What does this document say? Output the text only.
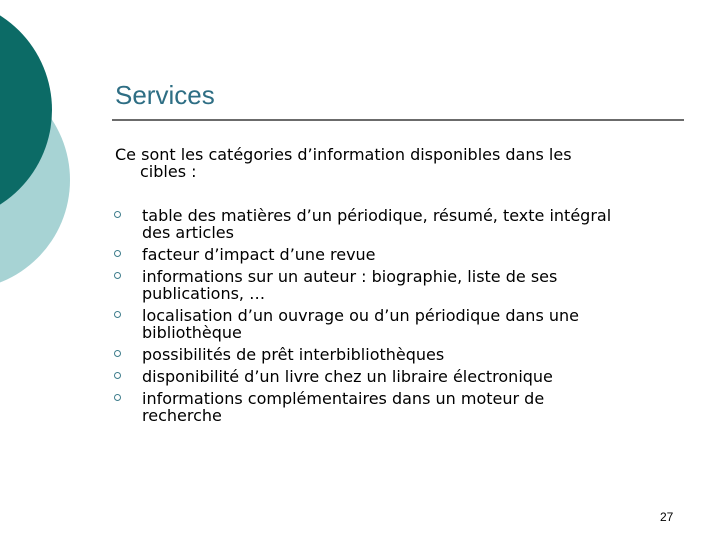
Services
Ce sont les catégories d’information disponibles dans les
cibles :
table des matières d’un périodique, résumé, texte intégral
des articles
facteur d’impact d’une revue
informations sur un auteur : biographie, liste de ses
publications, …
localisation d’un ouvrage ou d’un périodique dans une
bibliothèque
possibilités de prêt interbibliothèques
disponibilité d’un livre chez un libraire électronique
informations complémentaires dans un moteur de
recherche
27
